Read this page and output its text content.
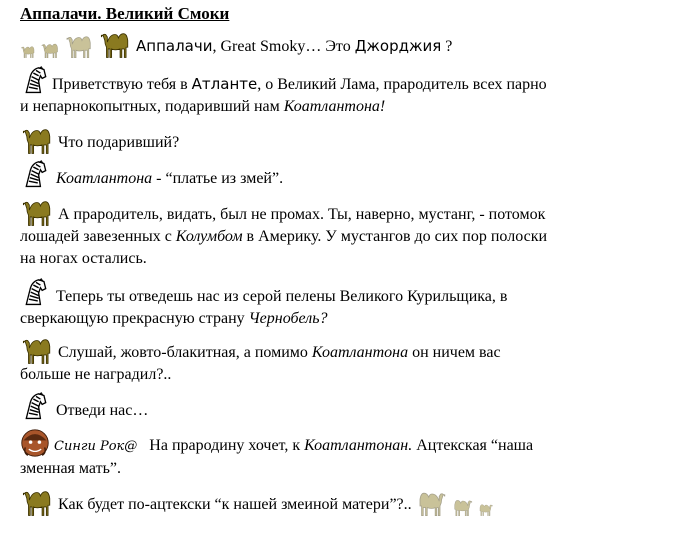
Аппалачи. Великий Смоки
Аппалачи, Great Smoky… Это Джорджия ?
Приветствую тебя в Атланте, о Великий Лама, прародитель всех парно
и непарнокопытных, подаривший нам Коатлантона!
Что подаривший?
Коатлантона - “платье из змей”.
А прародитель, видать, был не промах. Ты, наверно, мустанг, - потомок
лошадей завезенных с Колумбом в Америку. У мустангов до сих пор полоски
на ногах остались.
Теперь ты отведешь нас из серой пелены Великого Курильщика, в
сверкающую прекрасную страну Чернобель?
Слушай, жовто-блакитная, а помимо Коатлантона он ничем вас
больше не наградил?..
Отведи нас…
Синги Рок@ На прародину хочет, к Коатлантонан. Ацтекская “наша
зменная мать”.
Как будет по-ацтекски “к нашей змеиной матери”?..
